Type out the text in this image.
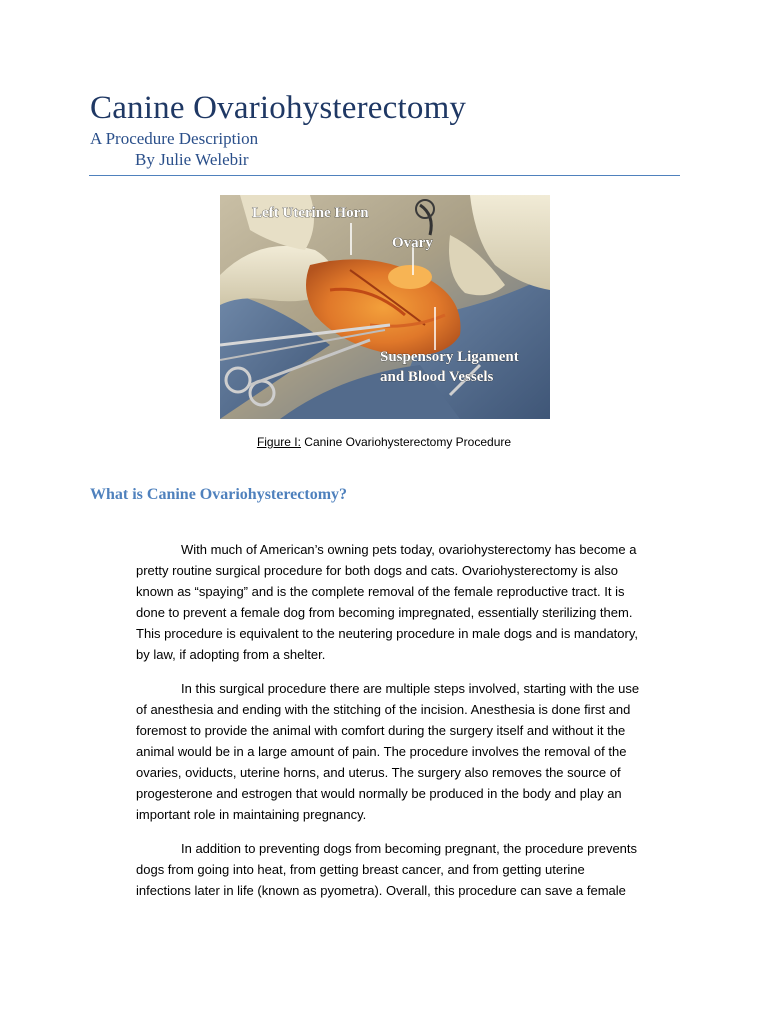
Canine Ovariohysterectomy
A Procedure Description
By Julie Welebir
Left Uterine Horn
Ovary
Suspensory Ligament
and Blood Vessels
Figure I: Canine Ovariohysterectomy Procedure
What is Canine Ovariohysterectomy?

With much of American’s owning pets today, ovariohysterectomy has become a
pretty routine surgical procedure for both dogs and cats. Ovariohysterectomy is also
known as “spaying” and is the complete removal of the female reproductive tract. It is
done to prevent a female dog from becoming impregnated, essentially sterilizing them.
This procedure is equivalent to the neutering procedure in male dogs and is mandatory,
by law, if adopting from a shelter.

In this surgical procedure there are multiple steps involved, starting with the use
of anesthesia and ending with the stitching of the incision. Anesthesia is done first and
foremost to provide the animal with comfort during the surgery itself and without it the
animal would be in a large amount of pain. The procedure involves the removal of the
ovaries, oviducts, uterine horns, and uterus. The surgery also removes the source of
progesterone and estrogen that would normally be produced in the body and play an
important role in maintaining pregnancy.

In addition to preventing dogs from becoming pregnant, the procedure prevents
dogs from going into heat, from getting breast cancer, and from getting uterine
infections later in life (known as pyometra). Overall, this procedure can save a female
